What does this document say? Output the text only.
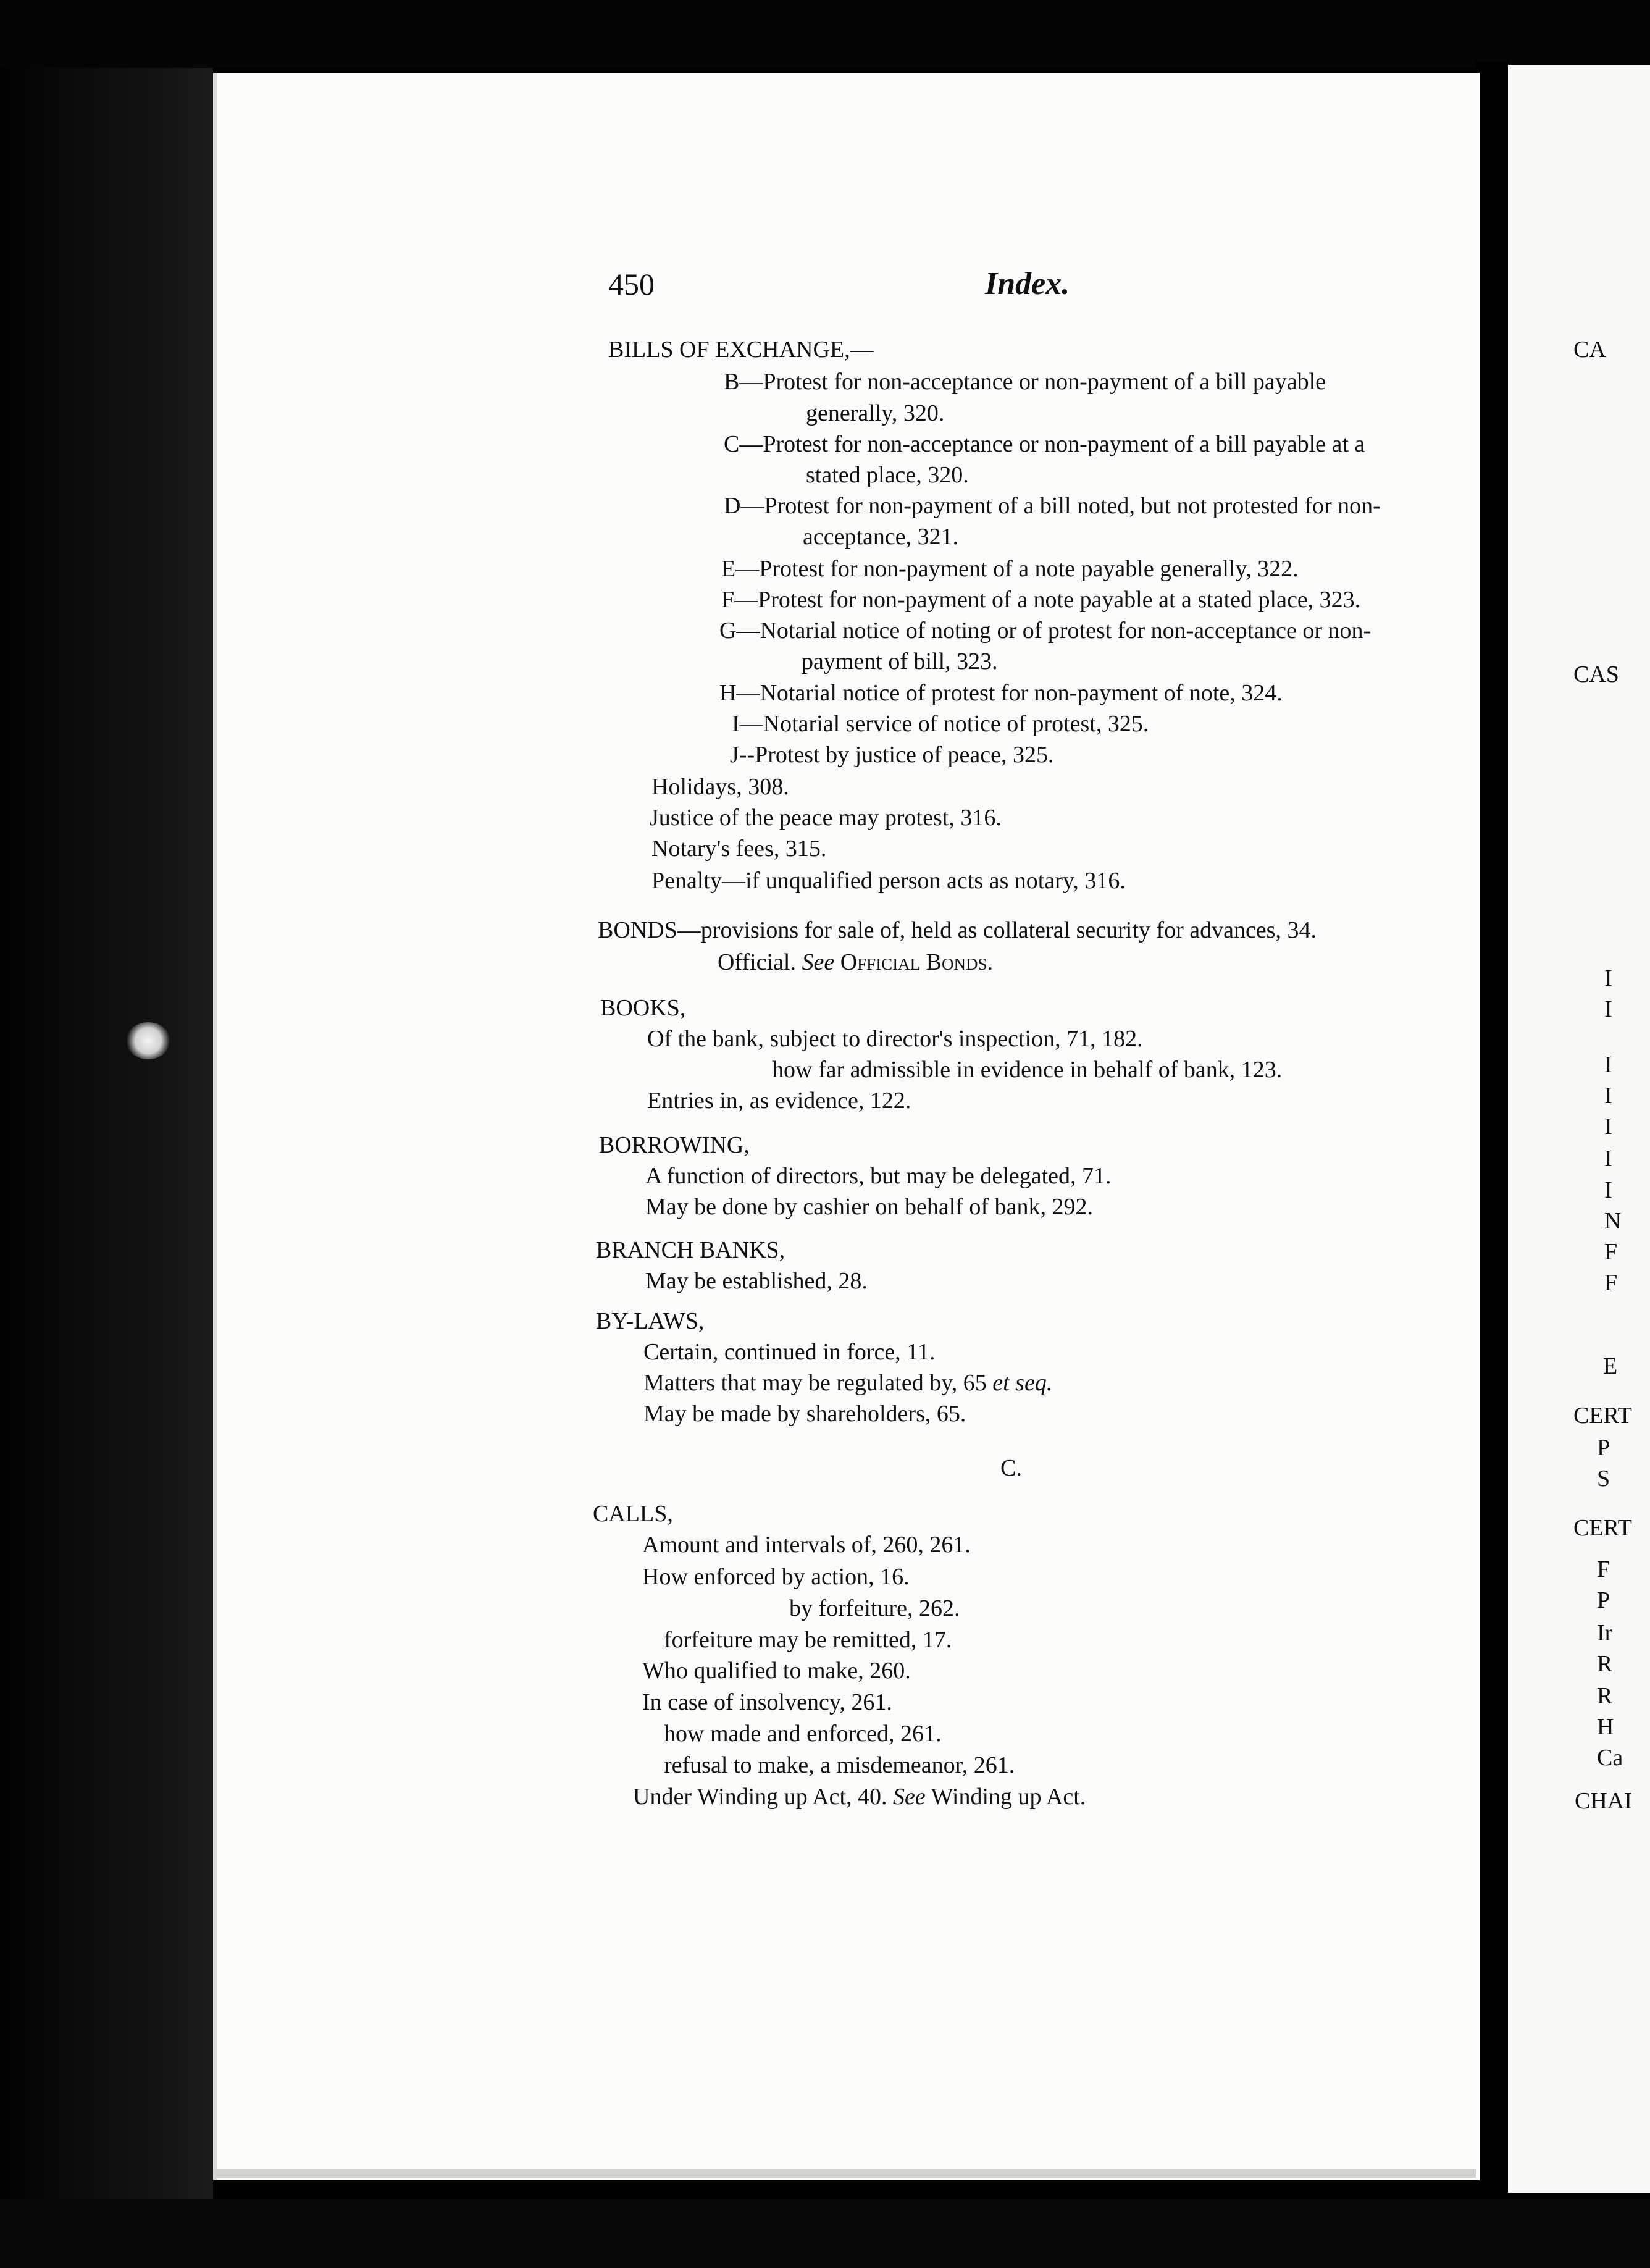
450	Index.
BILLS OF EXCHANGE,—
B—Protest for non-acceptance or non-payment of a bill payable
generally, 320.
C—Protest for non-acceptance or non-payment of a bill payable at a
stated place, 320.
D—Protest for non-payment of a bill noted, but not protested for non-
acceptance, 321.
E—Protest for non-payment of a note payable generally, 322.
F—Protest for non-payment of a note payable at a stated place, 323.
G—Notarial notice of noting or of protest for non-acceptance or non-
payment of bill, 323.
H—Notarial notice of protest for non-payment of note, 324.
I—Notarial service of notice of protest, 325.
J--Protest by justice of peace, 325.
Holidays, 308.
Justice of the peace may protest, 316.
Notary's fees, 315.
Penalty—if unqualified person acts as notary, 316.
BONDS—provisions for sale of, held as collateral security for advances, 34.
Official. See Official Bonds.
BOOKS,
Of the bank, subject to director's inspection, 71, 182.
how far admissible in evidence in behalf of bank, 123.
Entries in, as evidence, 122.
BORROWING,
A function of directors, but may be delegated, 71.
May be done by cashier on behalf of bank, 292.
BRANCH BANKS,
May be established, 28.
BY-LAWS,
Certain, continued in force, 11.
Matters that may be regulated by, 65 et seq.
May be made by shareholders, 65.
C.
CALLS,
Amount and intervals of, 260, 261.
How enforced by action, 16.
by forfeiture, 262.
forfeiture may be remitted, 17.
Who qualified to make, 260.
In case of insolvency, 261.
how made and enforced, 261.
refusal to make, a misdemeanor, 261.
Under Winding up Act, 40. See Winding up Act.
CA
CAS
I
I
I
I
I
I
I
N
F
F
E
CERT
P
S
CERT
F
P
Ir
R
R
H
Ca
CHAI
